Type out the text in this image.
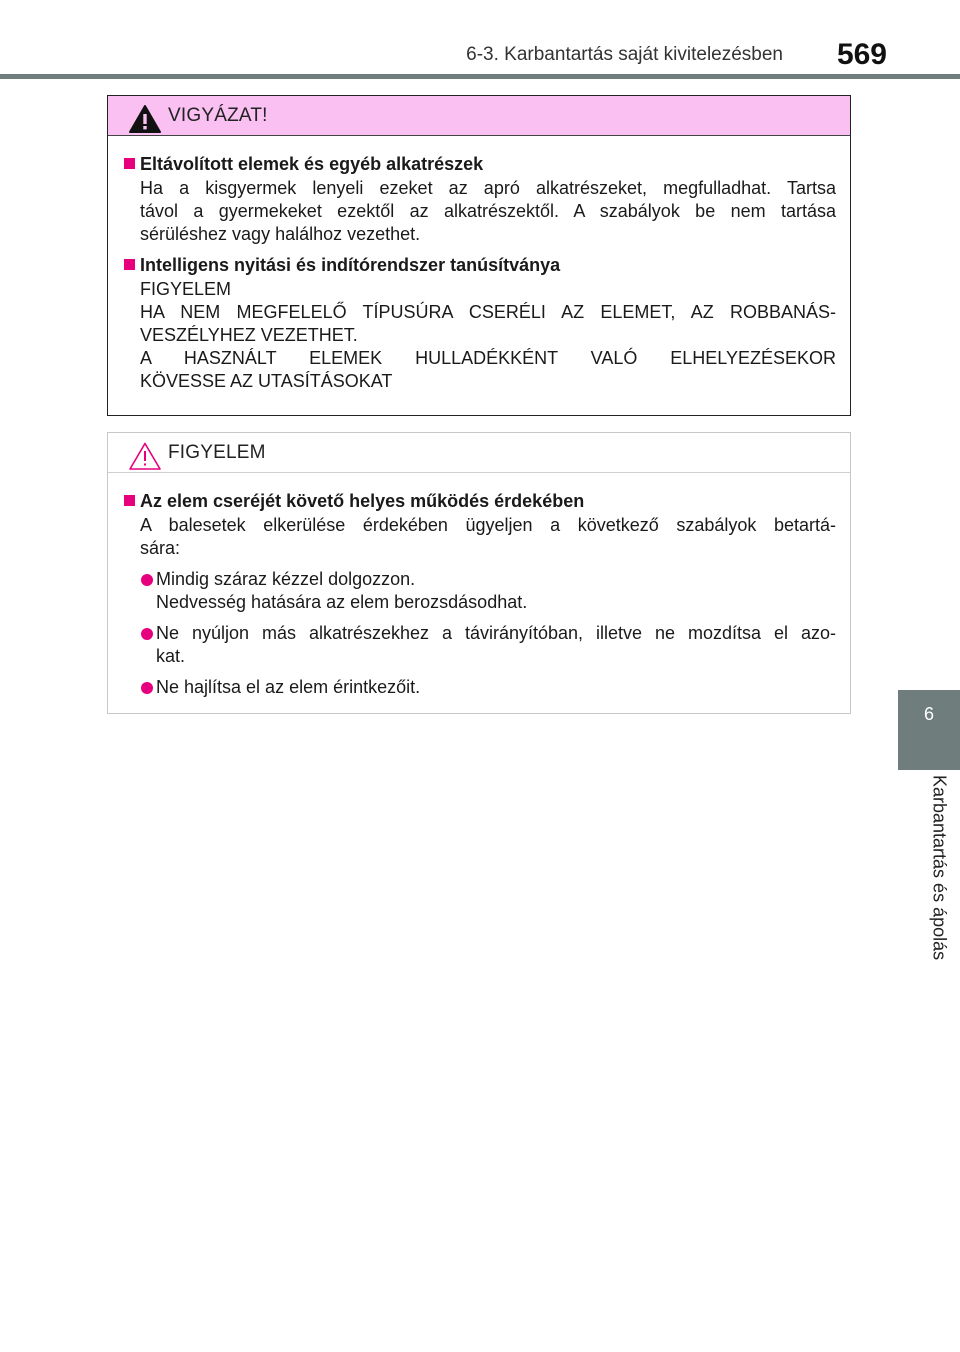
6-3. Karbantartás saját kivitelezésben 569
6
Karbantartás és ápolás
VIGYÁZAT!
Eltávolított elemek és egyéb alkatrészek
Ha a kisgyermek lenyeli ezeket az apró alkatrészeket, megfulladhat. Tartsa
távol a gyermekeket ezektől az alkatrészektől. A szabályok be nem tartása
sérüléshez vagy halálhoz vezethet.
Intelligens nyitási és indítórendszer tanúsítványa
FIGYELEM
HA NEM MEGFELELŐ TÍPUSÚRA CSERÉLI AZ ELEMET, AZ ROBBANÁS-
VESZÉLYHEZ VEZETHET.
A HASZNÁLT ELEMEK HULLADÉKKÉNT VALÓ ELHELYEZÉSEKOR
KÖVESSE AZ UTASÍTÁSOKAT
FIGYELEM
Az elem cseréjét követő helyes működés érdekében
A balesetek elkerülése érdekében ügyeljen a következő szabályok betartá-
sára:
Mindig száraz kézzel dolgozzon.
Nedvesség hatására az elem berozsdásodhat.
Ne nyúljon más alkatrészekhez a távirányítóban, illetve ne mozdítsa el azo-
kat.
Ne hajlítsa el az elem érintkezőit.
